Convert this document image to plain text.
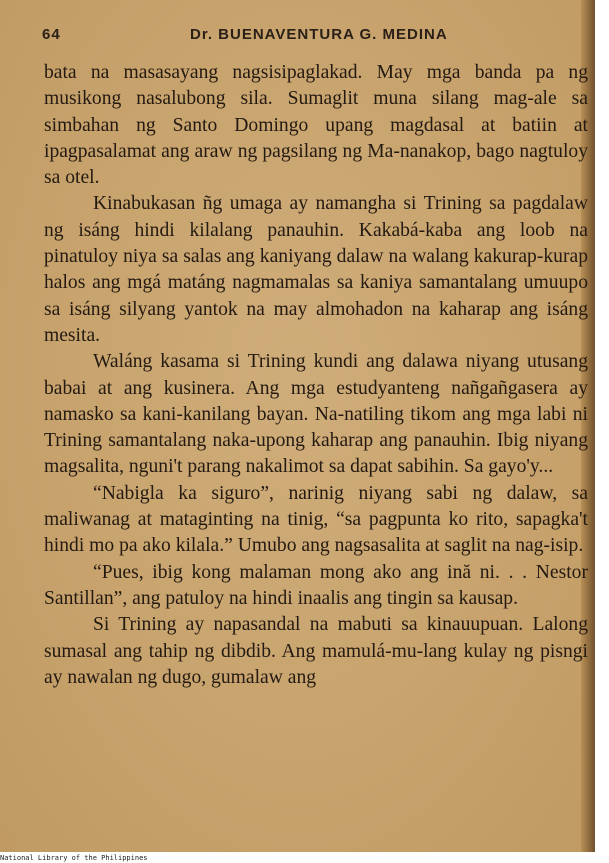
64	Dr. BUENAVENTURA G. MEDINA

bata na masasayang nagsisipaglakad. May mga banda pa ng musikong nasalubong sila. Sumaglit muna silang mag-ale sa simbahan ng Santo Domingo upang magdasal at batiin at ipagpasalamat ang araw ng pagsilang ng Ma-nanakop, bago nagtuloy sa otel.

Kinabukasan ñg umaga ay namangha si Trining sa pagdalaw ng isáng hindi kilalang panauhin. Kakabá-kaba ang loob na pinatuloy niya sa salas ang kaniyang dalaw na walang kakurap-kurap halos ang mgá matáng nagmamalas sa kaniya samantalang umuupo sa isáng silyang yantok na may almohadon na kaharap ang isáng mesita.

Waláng kasama si Trining kundi ang dalawa niyang utusang babai at ang kusinera. Ang mga estudyanteng nañgañgasera ay namasko sa kani-kanilang bayan. Na-natiling tikom ang mga labi ni Trining samantalang naka-upong kaharap ang panauhin. Ibig niyang magsalita, nguni't parang nakalimot sa dapat sabihin. Sa gayo'y...

“Nabigla ka siguro”, narinig niyang sabi ng dalaw, sa maliwanag at mataginting na tinig, “sa pagpunta ko rito, sapagka't hindi mo pa ako kilala.” Umubo ang nagsasalita at saglit na nag-isip.

“Pues, ibig kong malaman mong ako ang ină ni. . . Nestor Santillan”, ang patuloy na hindi inaalis ang tingin sa kausap.

Si Trining ay napasandal na mabuti sa kinauupuan. Lalong sumasal ang tahip ng dibdib. Ang mamulá-mu-lang kulay ng pisngi ay nawalan ng dugo, gumalaw ang

National Library of the Philippines
